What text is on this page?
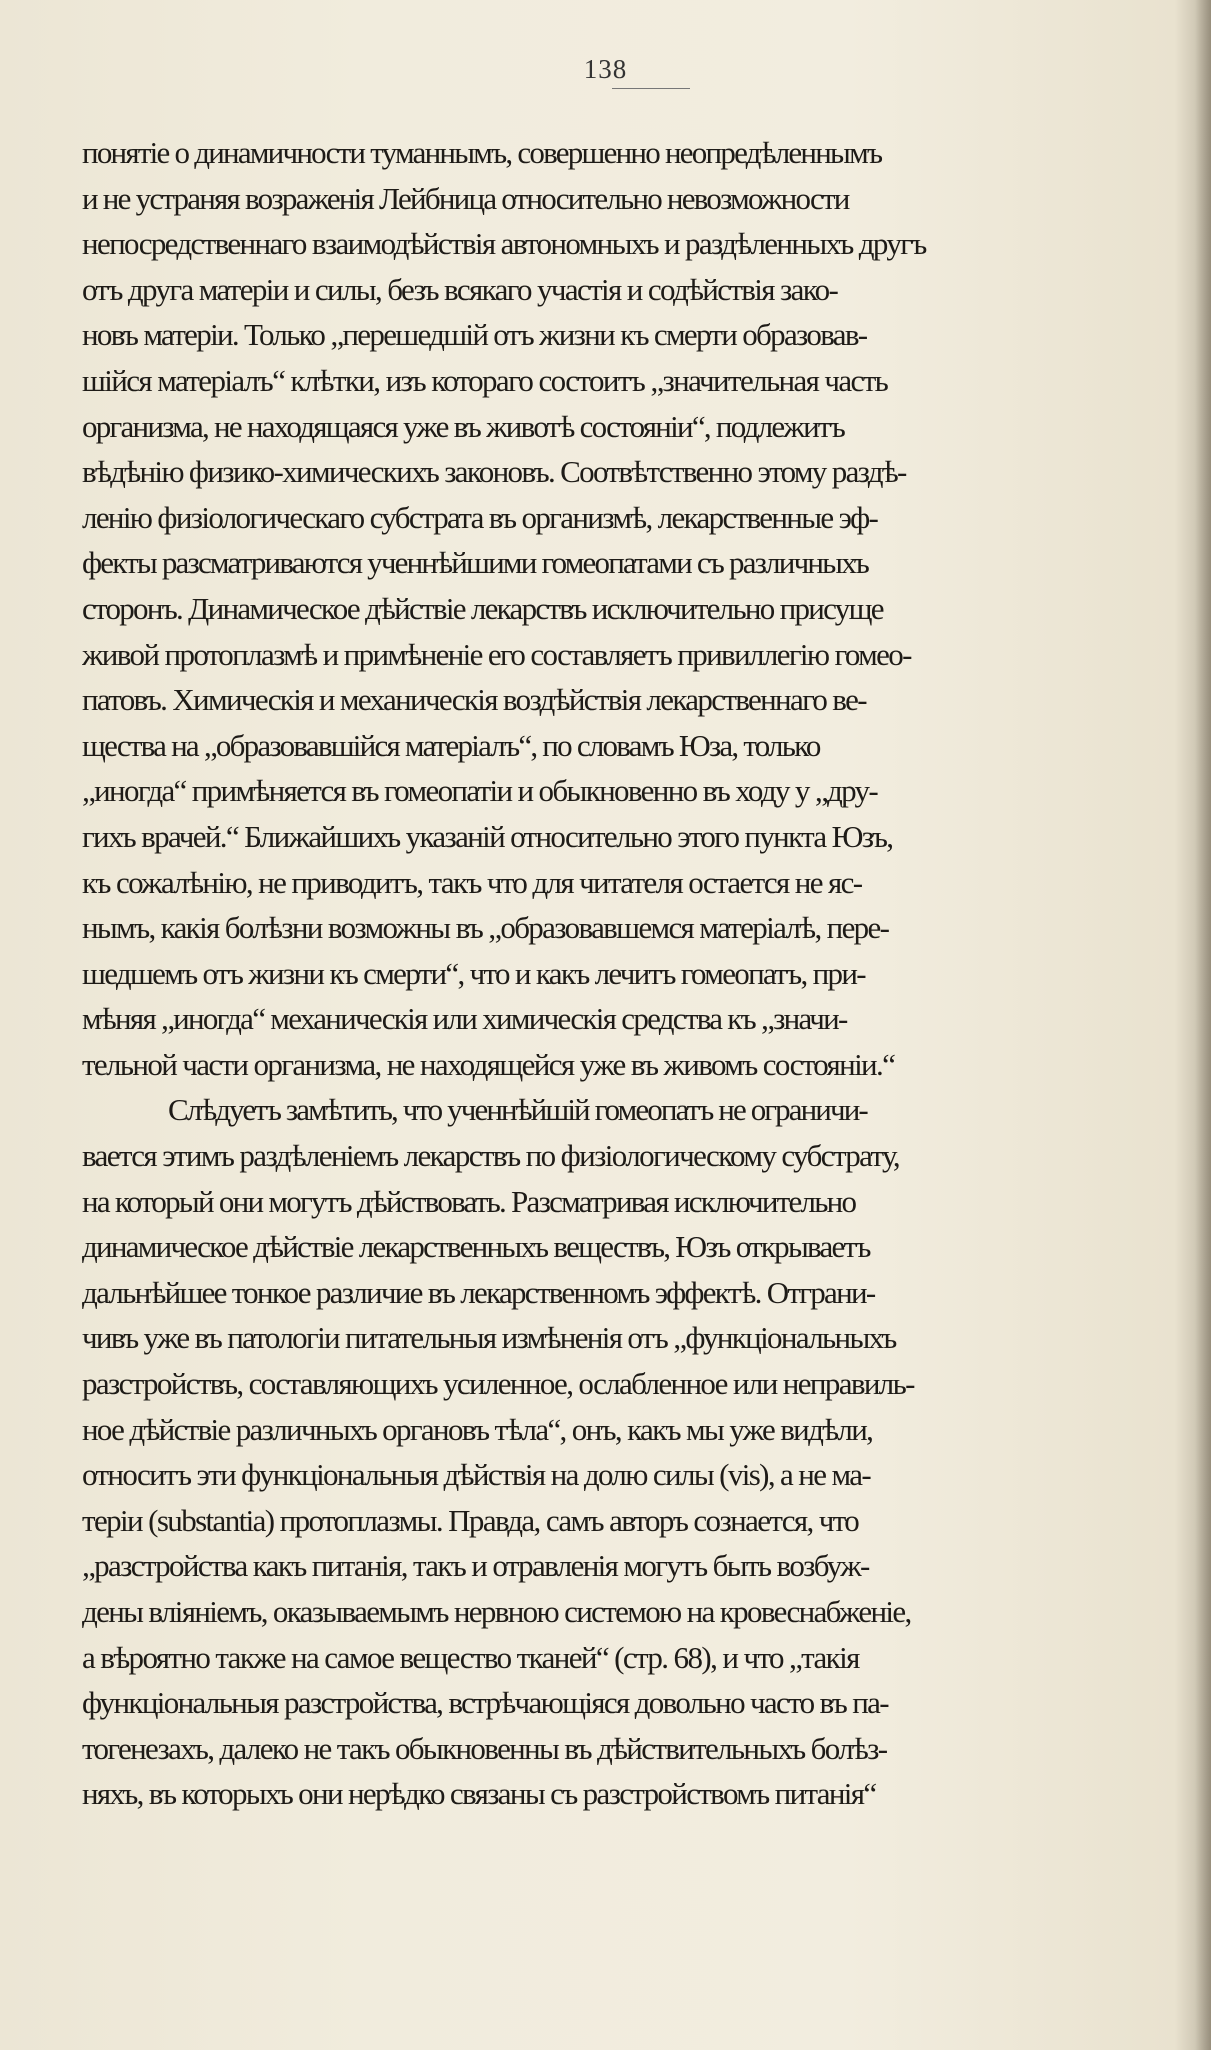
138
понятіе о динамичности туманнымъ, совершенно неопредѣленнымъ
и не устраняя возраженія Лейбница относительно невозможности
непосредственнаго взаимодѣйствія автономныхъ и раздѣленныхъ другъ
отъ друга матеріи и силы, безъ всякаго участія и содѣйствія зако-
новъ матеріи. Только „перешедшій отъ жизни къ смерти образовав-
шійся матеріалъ“ клѣтки, изъ котораго состоитъ „значительная часть
организма, не находящаяся уже въ животѣ состояніи“, подлежитъ
вѣдѣнію физико-химическихъ законовъ. Соотвѣтственно этому раздѣ-
ленію физіологическаго субстрата въ организмѣ, лекарственные эф-
фекты разсматриваются ученнѣйшими гомеопатами съ различныхъ
сторонъ. Динамическое дѣйствіе лекарствъ исключительно присуще
живой протоплазмѣ и примѣненіе его составляетъ привиллегію гомео-
патовъ. Химическія и механическія воздѣйствія лекарственнаго ве-
щества на „образовавшійся матеріалъ“, по словамъ Юза, только
„иногда“ примѣняется въ гомеопатіи и обыкновенно въ ходу у „дру-
гихъ врачей.“ Ближайшихъ указаній относительно этого пункта Юзъ,
къ сожалѣнію, не приводитъ, такъ что для читателя остается не яс-
нымъ, какія болѣзни возможны въ „образовавшемся матеріалѣ, пере-
шедшемъ отъ жизни къ смерти“, что и какъ лечитъ гомеопатъ, при-
мѣняя „иногда“ механическія или химическія средства къ „значи-
тельной части организма, не находящейся уже въ живомъ состояніи.“
Слѣдуетъ замѣтить, что ученнѣйшій гомеопатъ не ограничи-
вается этимъ раздѣленіемъ лекарствъ по физіологическому субстрату,
на который они могутъ дѣйствовать. Разсматривая исключительно
динамическое дѣйствіе лекарственныхъ веществъ, Юзъ открываетъ
дальнѣйшее тонкое различие въ лекарственномъ эффектѣ. Отграни-
чивъ уже въ патологіи питательныя измѣненія отъ „функціональныхъ
разстройствъ, составляющихъ усиленное, ослабленное или неправиль-
ное дѣйствіе различныхъ органовъ тѣла“, онъ, какъ мы уже видѣли,
относитъ эти функціональныя дѣйствія на долю силы (vis), а не ма-
теріи (substantia) протоплазмы. Правда, самъ авторъ сознается, что
„разстройства какъ питанія, такъ и отравленія могутъ быть возбуж-
дены вліяніемъ, оказываемымъ нервною системою на кровеснабженіе,
а вѣроятно также на самое вещество тканей“ (стр. 68), и что „такія
функціональныя разстройства, встрѣчающіяся довольно часто въ па-
тогенезахъ, далеко не такъ обыкновенны въ дѣйствительныхъ болѣз-
няхъ, въ которыхъ они нерѣдко связаны съ разстройствомъ питанія“
